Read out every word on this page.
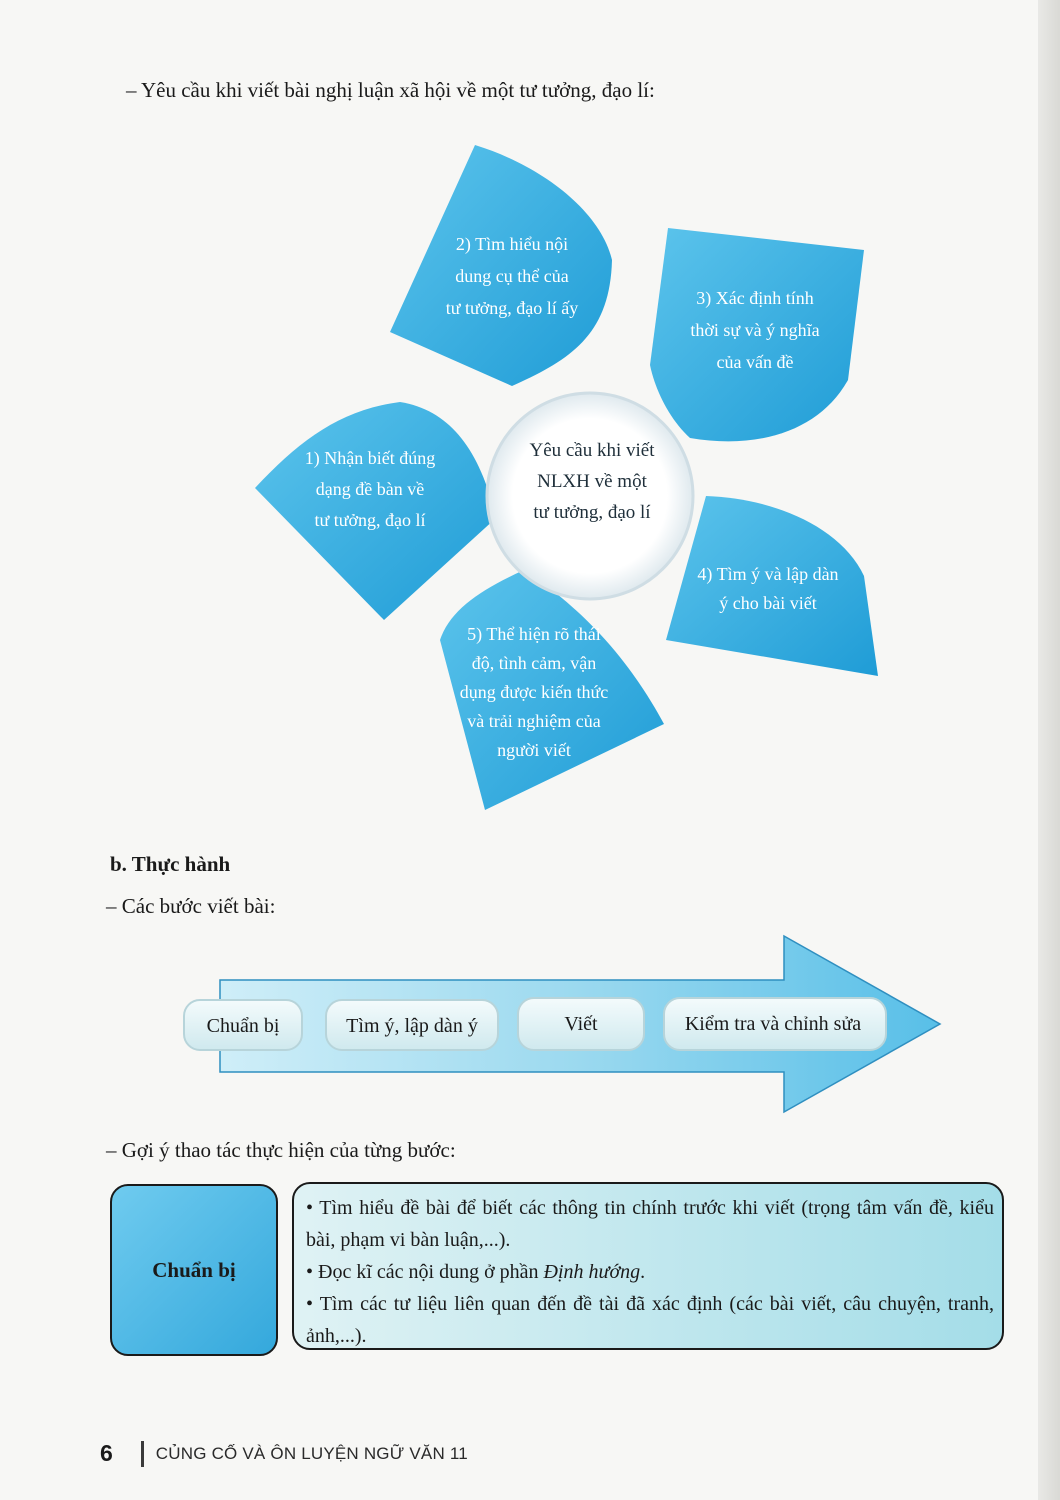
– Yêu cầu khi viết bài nghị luận xã hội về một tư tưởng, đạo lí:
Yêu cầu khi viết
NLXH về một
tư tưởng, đạo lí
1) Nhận biết đúng
dạng đề bàn về
tư tưởng, đạo lí
2) Tìm hiểu nội
dung cụ thể của
tư tưởng, đạo lí ấy	3) Xác định tính
thời sự và ý nghĩa
của vấn đề
4) Tìm ý và lập dàn
ý cho bài viết
5) Thể hiện rõ thái
độ, tình cảm, vận
dụng được kiến thức
và trải nghiệm của
người viết
b. Thực hành
– Các bước viết bài:
Chuẩn bị	Tìm ý, lập dàn ý	Viết	Kiểm tra và chỉnh sửa
– Gợi ý thao tác thực hiện của từng bước:
Chuẩn bị

• Tìm hiểu đề bài để biết các thông tin chính trước khi viết (trọng tâm vấn đề, kiểu bài, phạm vi bàn luận,...).

• Đọc kĩ các nội dung ở phần Định hướng.

• Tìm các tư liệu liên quan đến đề tài đã xác định (các bài viết, câu chuyện, tranh, ảnh,...).

6	CỦNG CỐ VÀ ÔN LUYỆN NGỮ VĂN 11
